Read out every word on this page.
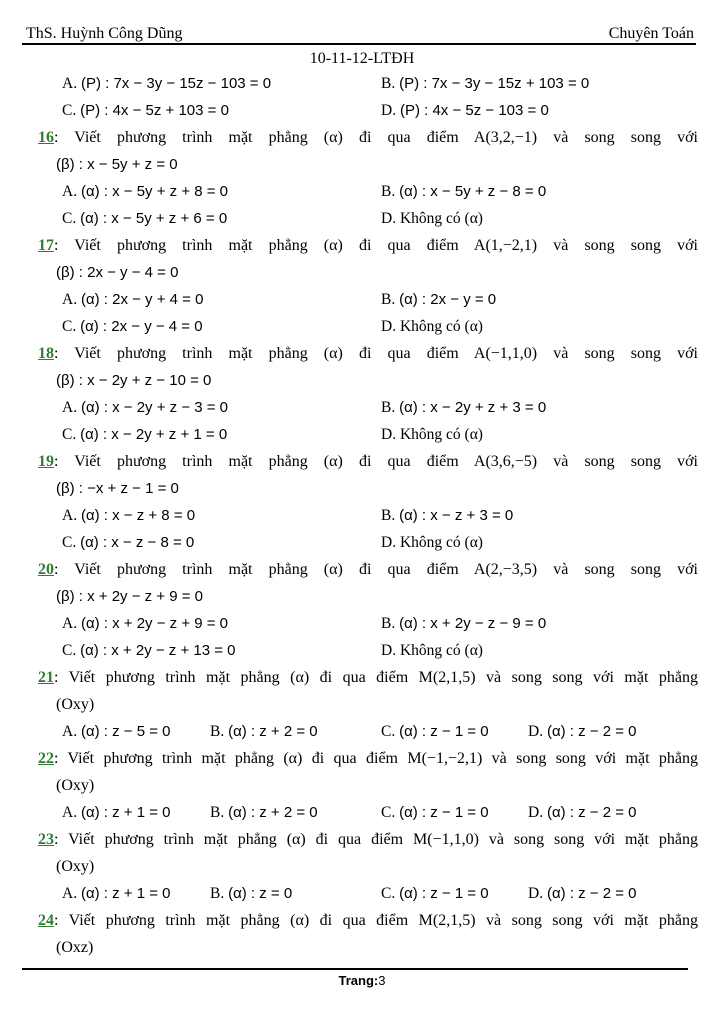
ThS. Huỳnh Công Dũng	Chuyên Toán
10-11-12-LTĐH
A. (P) : 7x − 3y − 15z − 103 = 0	B. (P) : 7x − 3y − 15z + 103 = 0
C. (P) : 4x − 5z + 103 = 0	D. (P) : 4x − 5z − 103 = 0
16: Viết phương trình mặt phẳng (α) đi qua điểm A(3,2,−1) và song song với
(β) : x − 5y + z = 0
A. (α) : x − 5y + z + 8 = 0	B. (α) : x − 5y + z − 8 = 0
C. (α) : x − 5y + z + 6 = 0	D. Không có (α)
17: Viết phương trình mặt phẳng (α) đi qua điểm A(1,−2,1) và song song với
(β) : 2x − y − 4 = 0
A. (α) : 2x − y + 4 = 0	B. (α) : 2x − y = 0
C. (α) : 2x − y − 4 = 0	D. Không có (α)
18: Viết phương trình mặt phẳng (α) đi qua điểm A(−1,1,0) và song song với
(β) : x − 2y + z − 10 = 0
A. (α) : x − 2y + z − 3 = 0	B. (α) : x − 2y + z + 3 = 0
C. (α) : x − 2y + z + 1 = 0	D. Không có (α)
19: Viết phương trình mặt phẳng (α) đi qua điểm A(3,6,−5) và song song với
(β) : −x + z − 1 = 0
A. (α) : x − z + 8 = 0	B. (α) : x − z + 3 = 0
C. (α) : x − z − 8 = 0	D. Không có (α)
20: Viết phương trình mặt phẳng (α) đi qua điểm A(2,−3,5) và song song với
(β) : x + 2y − z + 9 = 0
A. (α) : x + 2y − z + 9 = 0	B. (α) : x + 2y − z − 9 = 0
C. (α) : x + 2y − z + 13 = 0	D. Không có (α)
21: Viết phương trình mặt phẳng (α) đi qua điểm M(2,1,5) và song song với mặt phẳng
(Oxy)
A. (α) : z − 5 = 0	B. (α) : z + 2 = 0	C. (α) : z − 1 = 0	D. (α) : z − 2 = 0
22: Viết phương trình mặt phẳng (α) đi qua điểm M(−1,−2,1) và song song với mặt phẳng
(Oxy)
A. (α) : z + 1 = 0	B. (α) : z + 2 = 0	C. (α) : z − 1 = 0	D. (α) : z − 2 = 0
23: Viết phương trình mặt phẳng (α) đi qua điểm M(−1,1,0) và song song với mặt phẳng
(Oxy)
A. (α) : z + 1 = 0	B. (α) : z = 0	C. (α) : z − 1 = 0	D. (α) : z − 2 = 0
24: Viết phương trình mặt phẳng (α) đi qua điểm M(2,1,5) và song song với mặt phẳng
(Oxz)
Trang:3
